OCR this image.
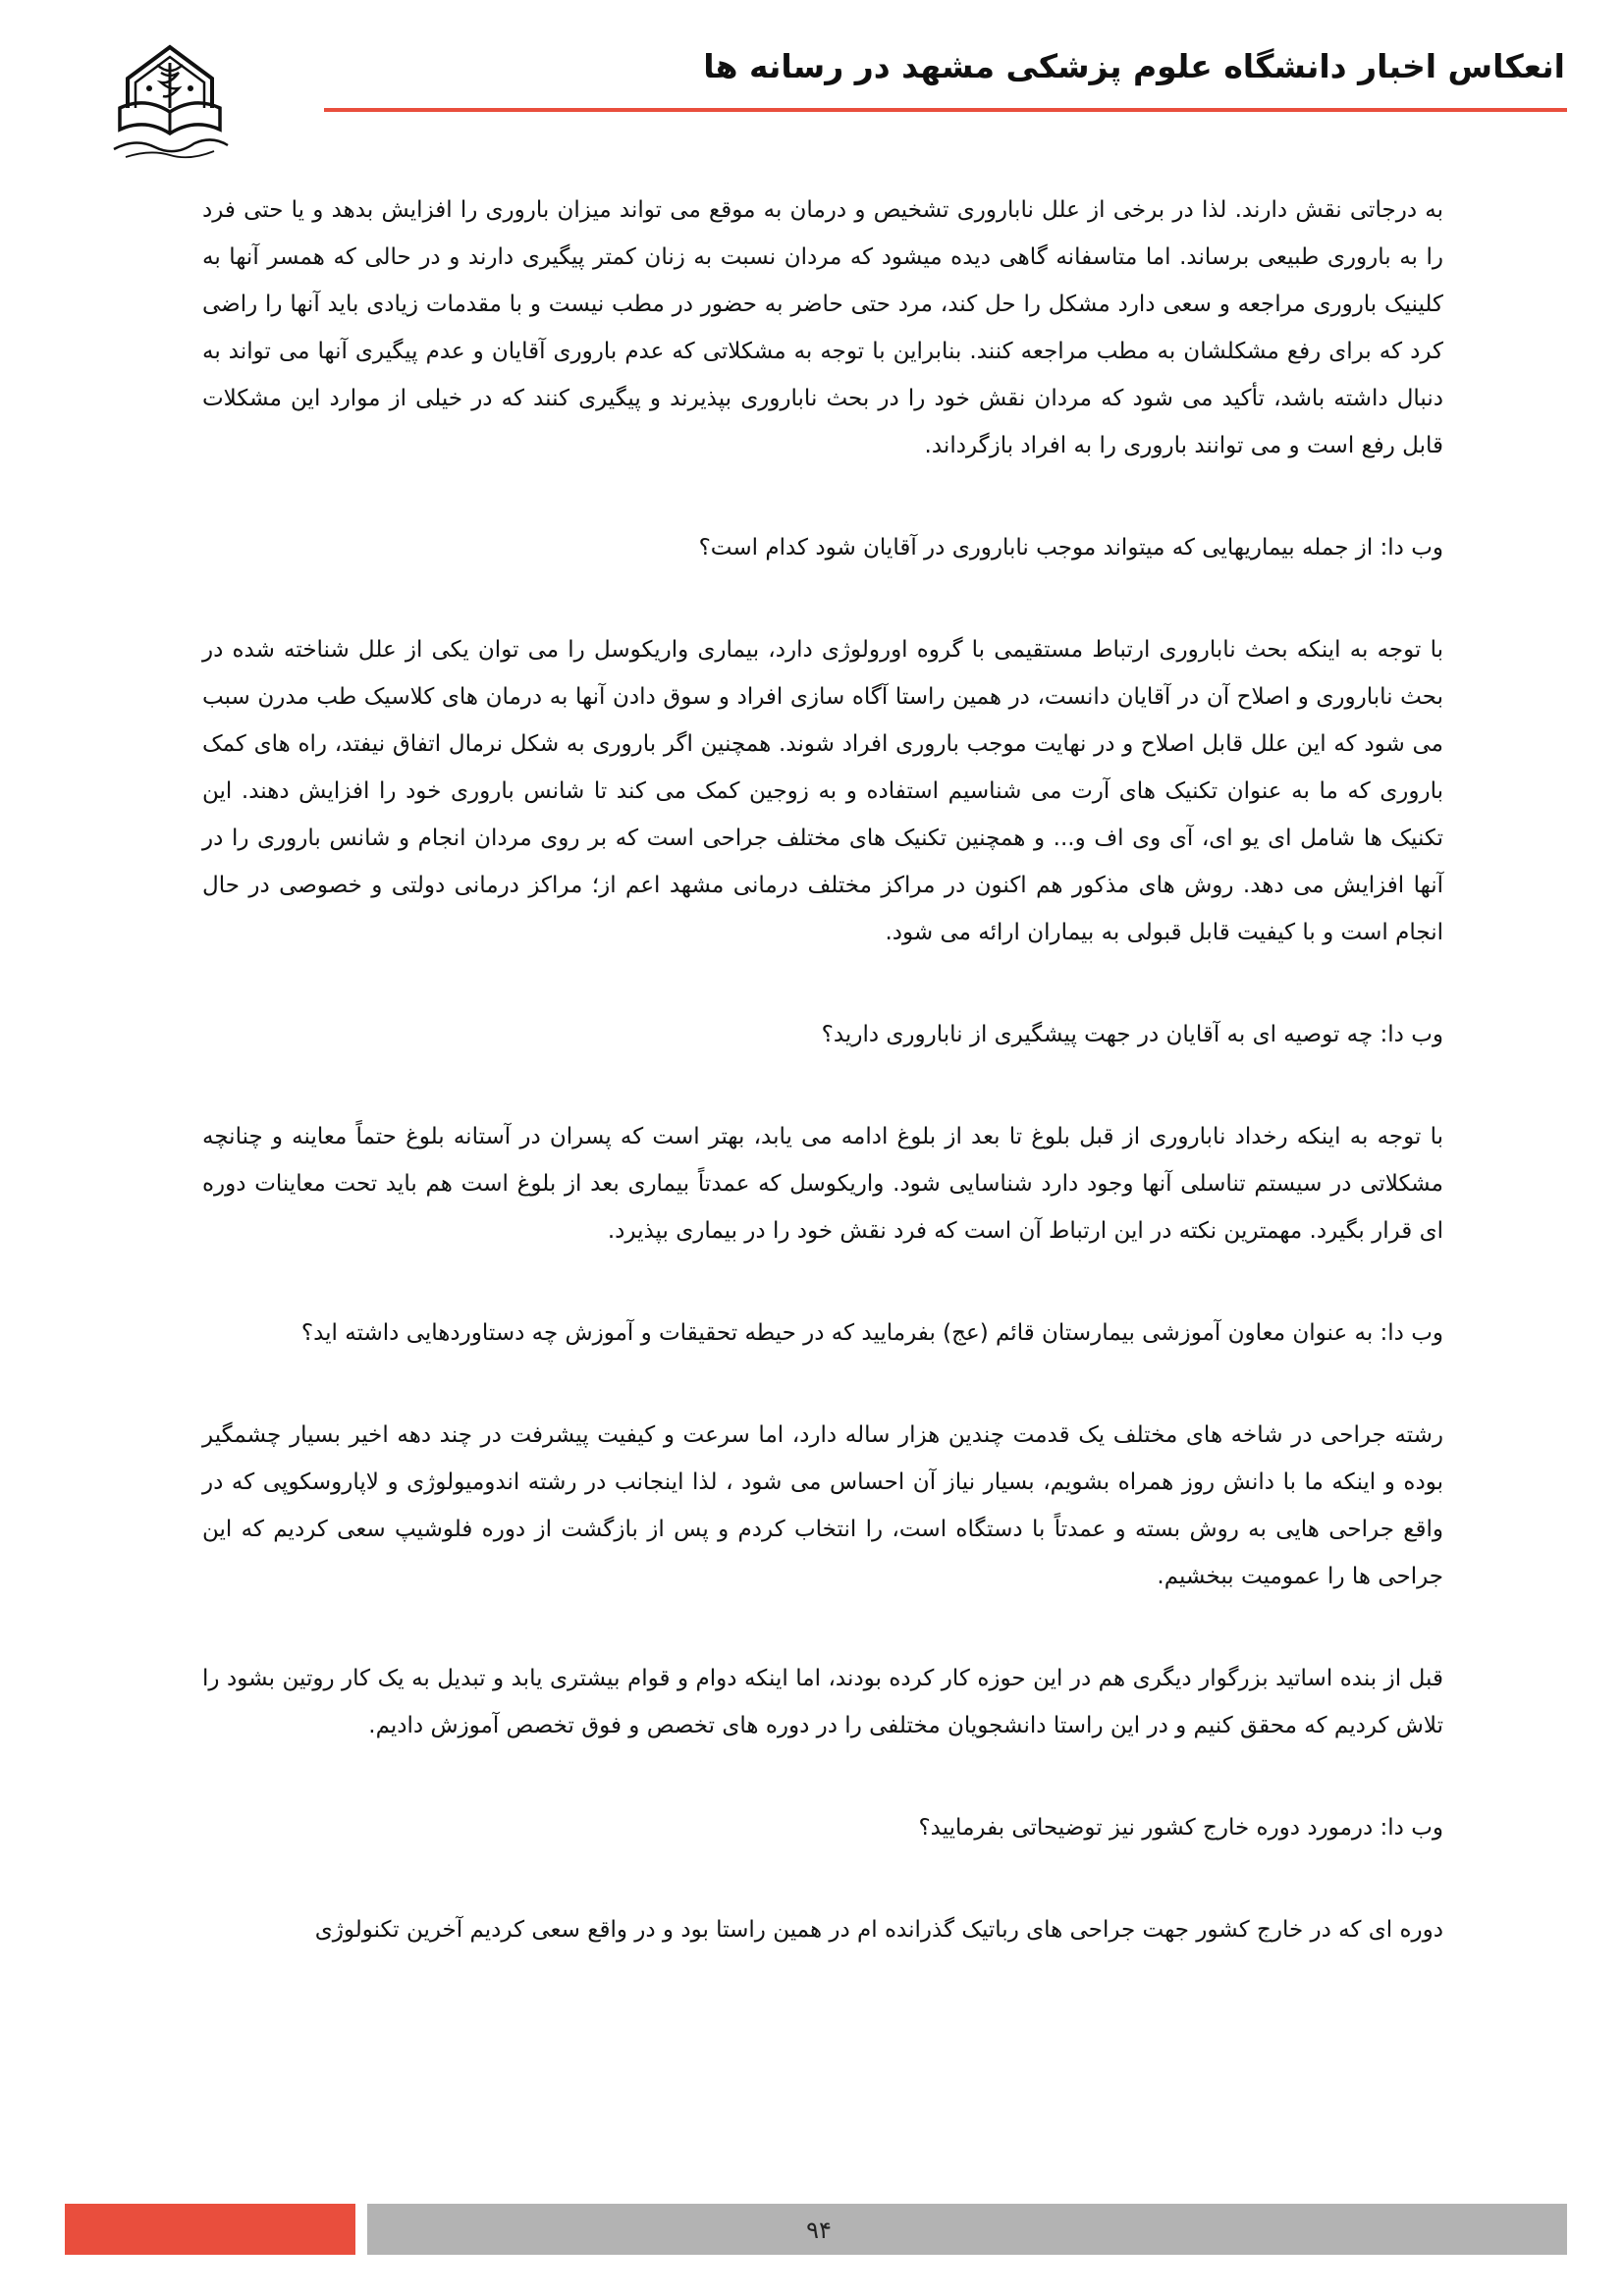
انعکاس اخبار دانشگاه علوم پزشکی مشهد در رسانه ها

به درجاتی نقش دارند. لذا در برخی از علل ناباروری تشخیص و درمان به موقع می تواند میزان باروری را افزایش بدهد و یا حتی فرد را به باروری طبیعی برساند. اما متاسفانه گاهی دیده میشود که مردان نسبت به زنان کمتر پیگیری دارند و در حالی که همسر آنها به کلینیک باروری مراجعه و سعی دارد مشکل را حل کند، مرد حتی حاضر به حضور در مطب نیست و با مقدمات زیادی باید آنها را راضی کرد که برای رفع مشکلشان به مطب مراجعه کنند. بنابراین با توجه به مشکلاتی که عدم باروری آقایان و عدم پیگیری آنها می تواند به دنبال داشته باشد، تأکید می شود که مردان نقش خود را در بحث ناباروری بپذیرند و پیگیری کنند که در خیلی از موارد این مشکلات قابل رفع است و می توانند باروری را به افراد بازگرداند.

وب دا: از جمله بیماریهایی که میتواند موجب ناباروری در آقایان شود کدام است؟

با توجه به اینکه بحث ناباروری ارتباط مستقیمی با گروه اورولوژی دارد، بیماری واریکوسل را می توان یکی از علل شناخته شده در بحث ناباروری و اصلاح آن در آقایان دانست، در همین راستا آگاه سازی افراد و سوق دادن آنها به درمان های کلاسیک طب مدرن سبب می شود که این علل قابل اصلاح و در نهایت موجب باروری افراد شوند. همچنین اگر باروری به شکل نرمال اتفاق نیفتد، راه های کمک باروری که ما به عنوان تکنیک های آرت می شناسیم استفاده و به زوجین کمک می کند تا شانس باروری خود را افزایش دهند. این تکنیک ها شامل ای یو ای، آی وی اف و... و همچنین تکنیک های مختلف جراحی است که بر روی مردان انجام و شانس باروری را در آنها افزایش می دهد. روش های مذکور هم اکنون در مراکز مختلف درمانی مشهد اعم از؛ مراکز درمانی دولتی و خصوصی در حال انجام است و با کیفیت قابل قبولی به بیماران ارائه می شود.

وب دا: چه توصیه ای به آقایان در جهت پیشگیری از ناباروری دارید؟

با توجه به اینکه رخداد ناباروری از قبل بلوغ تا بعد از بلوغ ادامه می یابد، بهتر است که پسران در آستانه بلوغ حتماً معاینه و چنانچه مشکلاتی در سیستم تناسلی آنها وجود دارد شناسایی شود. واریکوسل که عمدتاً بیماری بعد از بلوغ است هم باید تحت معاینات دوره ای قرار بگیرد. مهمترین نکته در این ارتباط آن است که فرد نقش خود را در بیماری بپذیرد.

وب دا: به عنوان معاون آموزشی بیمارستان قائم (عج) بفرمایید که در حیطه تحقیقات و آموزش چه دستاوردهایی داشته اید؟

رشته جراحی در شاخه های مختلف یک قدمت چندین هزار ساله دارد، اما سرعت و کیفیت پیشرفت در چند دهه اخیر بسیار چشمگیر بوده و اینکه ما با دانش روز همراه بشویم، بسیار نیاز آن احساس می شود ، لذا اینجانب در رشته اندومیولوژی و لاپاروسکوپی که در واقع جراحی هایی به روش بسته و عمدتاً با دستگاه است، را انتخاب کردم و پس از بازگشت از دوره فلوشیپ سعی کردیم که این جراحی ها را عمومیت ببخشیم.

قبل از بنده اساتید بزرگوار دیگری هم در این حوزه کار کرده بودند، اما اینکه دوام و قوام بیشتری یابد و تبدیل به یک کار روتین بشود را تلاش کردیم که محقق کنیم و در این راستا دانشجویان مختلفی را در دوره های تخصص و فوق تخصص آموزش دادیم.

وب دا: درمورد دوره خارج کشور نیز توضیحاتی بفرمایید؟

دوره ای که در خارج کشور جهت جراحی های رباتیک گذرانده ام در همین راستا بود و در واقع سعی کردیم آخرین تکنولوژی

۹۴
